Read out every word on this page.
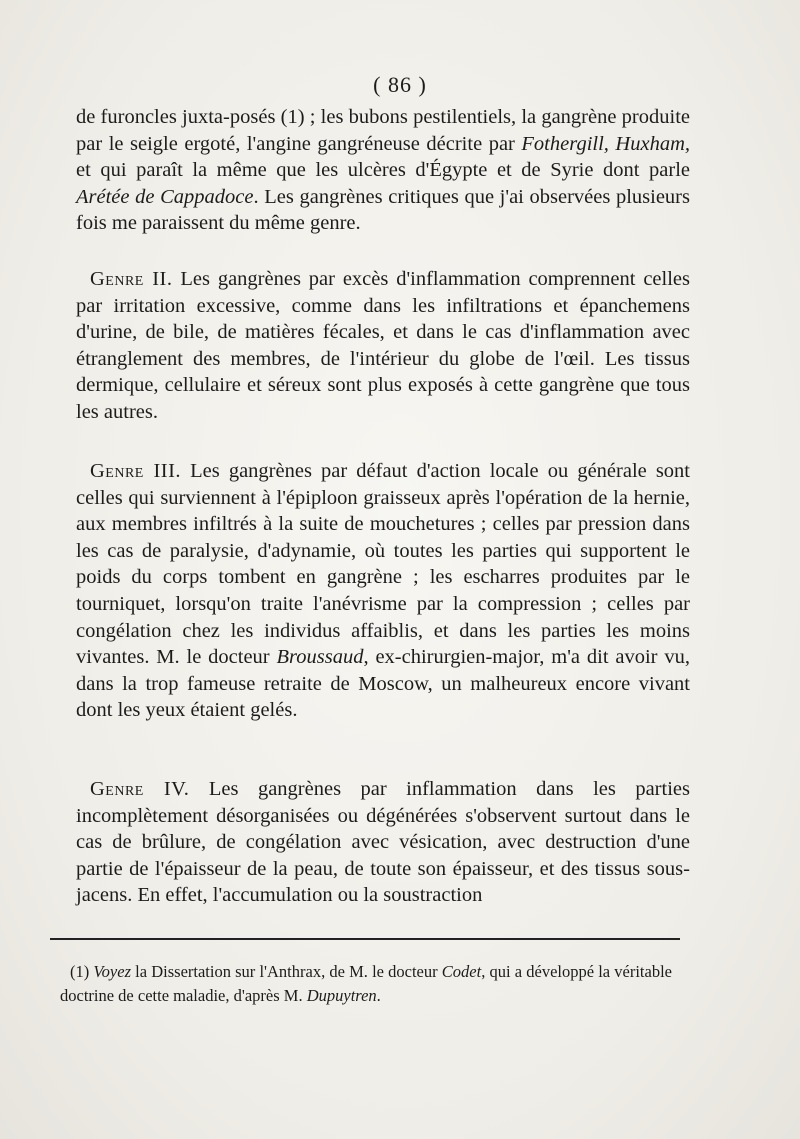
( 86 )

de furoncles juxta-posés (1) ; les bubons pestilentiels, la gangrène produite par le seigle ergoté, l'angine gangréneuse décrite par Fothergill, Huxham, et qui paraît la même que les ulcères d'Égypte et de Syrie dont parle Arétée de Cappadoce. Les gangrènes critiques que j'ai observées plusieurs fois me paraissent du même genre.

Genre II. Les gangrènes par excès d'inflammation comprennent celles par irritation excessive, comme dans les infiltrations et épanchemens d'urine, de bile, de matières fécales, et dans le cas d'inflammation avec étranglement des membres, de l'intérieur du globe de l'œil. Les tissus dermique, cellulaire et séreux sont plus exposés à cette gangrène que tous les autres.

Genre III. Les gangrènes par défaut d'action locale ou générale sont celles qui surviennent à l'épiploon graisseux après l'opération de la hernie, aux membres infiltrés à la suite de mouchetures ; celles par pression dans les cas de paralysie, d'adynamie, où toutes les parties qui supportent le poids du corps tombent en gangrène ; les escharres produites par le tourniquet, lorsqu'on traite l'anévrisme par la compression ; celles par congélation chez les individus affaiblis, et dans les parties les moins vivantes. M. le docteur Broussaud, ex-chirurgien-major, m'a dit avoir vu, dans la trop fameuse retraite de Moscow, un malheureux encore vivant dont les yeux étaient gelés.

Genre IV. Les gangrènes par inflammation dans les parties incomplètement désorganisées ou dégénérées s'observent surtout dans le cas de brûlure, de congélation avec vésication, avec destruction d'une partie de l'épaisseur de la peau, de toute son épaisseur, et des tissus sous-jacens. En effet, l'accumulation ou la soustraction

(1) Voyez la Dissertation sur l'Anthrax, de M. le docteur Codet, qui a développé la véritable doctrine de cette maladie, d'après M. Dupuytren.
